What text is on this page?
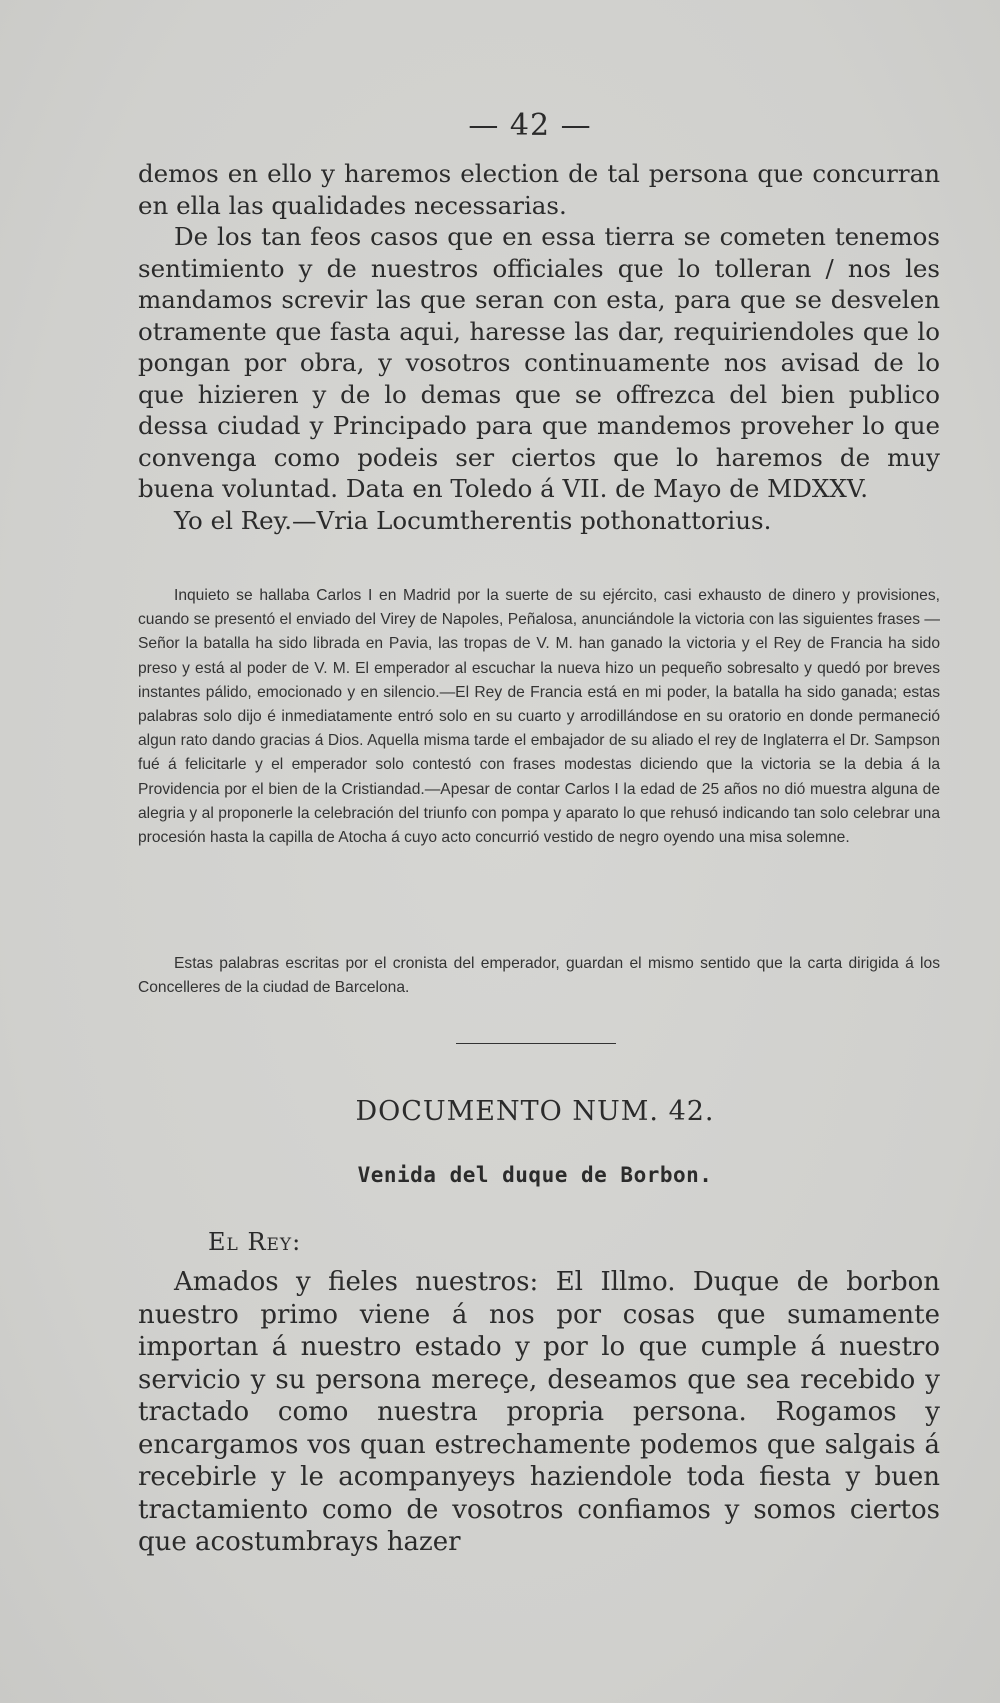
— 42 —

demos en ello y haremos election de tal persona que concurran en ella las qualidades necessarias.

De los tan feos casos que en essa tierra se cometen tenemos sentimiento y de nuestros officiales que lo tolleran / nos les mandamos screvir las que seran con esta, para que se desvelen otramente que fasta aqui, haresse las dar, requiriendoles que lo pongan por obra, y vosotros continuamente nos avisad de lo que hizieren y de lo demas que se offrezca del bien publico dessa ciudad y Principado para que mandemos proveher lo que convenga como podeis ser ciertos que lo haremos de muy buena voluntad. Data en Toledo á VII. de Mayo de MDXXV.

Yo el Rey.—Vria Locumtherentis pothonattorius.

Inquieto se hallaba Carlos I en Madrid por la suerte de su ejército, casi exhausto de dinero y provisiones, cuando se presentó el enviado del Virey de Napoles, Peñalosa, anunciándole la victoria con las siguientes frases —Señor la batalla ha sido librada en Pavia, las tropas de V. M. han ganado la victoria y el Rey de Francia ha sido preso y está al poder de V. M. El emperador al escuchar la nueva hizo un pequeño sobresalto y quedó por breves instantes pálido, emocionado y en silencio.—El Rey de Francia está en mi poder, la batalla ha sido ganada; estas palabras solo dijo é inmediatamente entró solo en su cuarto y arrodillándose en su oratorio en donde permaneció algun rato dando gracias á Dios. Aquella misma tarde el embajador de su aliado el rey de Inglaterra el Dr. Sampson fué á felicitarle y el emperador solo contestó con frases modestas diciendo que la victoria se la debia á la Providencia por el bien de la Cristiandad.—Apesar de contar Carlos I la edad de 25 años no dió muestra alguna de alegria y al proponerle la celebración del triunfo con pompa y aparato lo que rehusó indicando tan solo celebrar una procesión hasta la capilla de Atocha á cuyo acto concurrió vestido de negro oyendo una misa solemne.

Estas palabras escritas por el cronista del emperador, guardan el mismo sentido que la carta dirigida á los Concelleres de la ciudad de Barcelona.

DOCUMENTO NUM. 42.
Venida del duque de Borbon.
El Rey:

Amados y fieles nuestros: El Illmo. Duque de borbon nuestro primo viene á nos por cosas que sumamente importan á nuestro estado y por lo que cumple á nuestro servicio y su persona mereçe, deseamos que sea recebido y tractado como nuestra propria persona. Rogamos y encargamos vos quan estrechamente podemos que salgais á recebirle y le acompanyeys haziendole toda fiesta y buen tractamiento como de vosotros confiamos y somos ciertos que acostumbrays hazer
